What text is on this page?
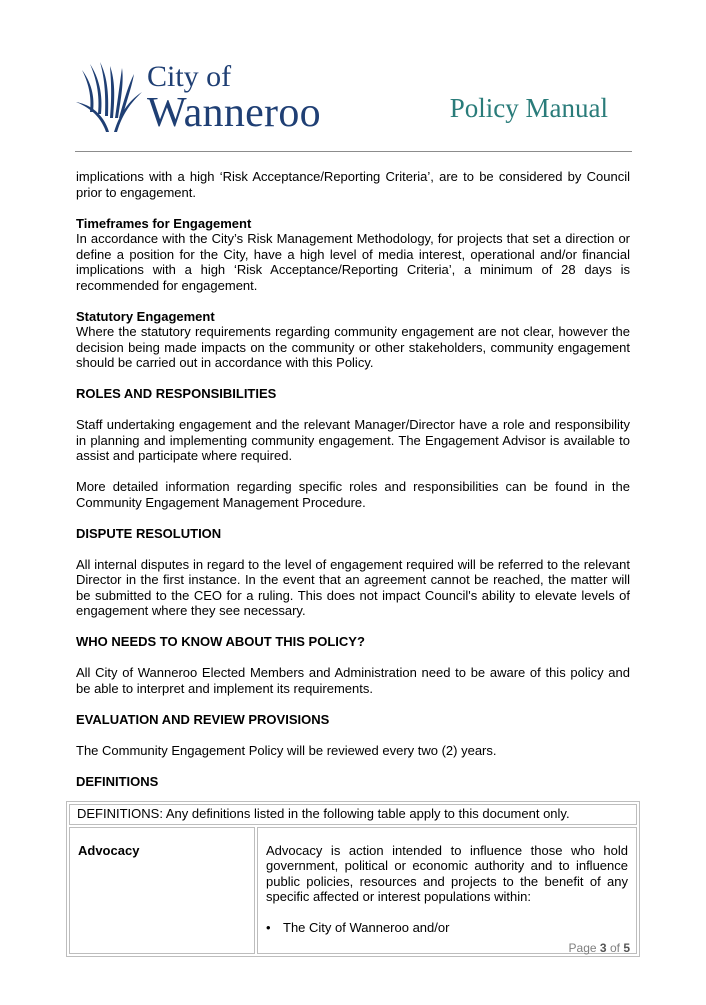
City of
Wanneroo	Policy Manual

implications with a high ‘Risk Acceptance/Reporting Criteria’, are to be considered by Council prior to engagement.

Timeframes for Engagement

In accordance with the City’s Risk Management Methodology, for projects that set a direction or define a position for the City, have a high level of media interest, operational and/or financial implications with a high ‘Risk Acceptance/Reporting Criteria’, a minimum of 28 days is recommended for engagement.

Statutory Engagement

Where the statutory requirements regarding community engagement are not clear, however the decision being made impacts on the community or other stakeholders, community engagement should be carried out in accordance with this Policy.

ROLES AND RESPONSIBILITIES

Staff undertaking engagement and the relevant Manager/Director have a role and responsibility in planning and implementing community engagement. The Engagement Advisor is available to assist and participate where required.

More detailed information regarding specific roles and responsibilities can be found in the Community Engagement Management Procedure.

DISPUTE RESOLUTION

All internal disputes in regard to the level of engagement required will be referred to the relevant Director in the first instance. In the event that an agreement cannot be reached, the matter will be submitted to the CEO for a ruling. This does not impact Council's ability to elevate levels of engagement where they see necessary.

WHO NEEDS TO KNOW ABOUT THIS POLICY?

All City of Wanneroo Elected Members and Administration need to be aware of this policy and be able to interpret and implement its requirements.

EVALUATION AND REVIEW PROVISIONS

The Community Engagement Policy will be reviewed every two (2) years.

DEFINITIONS

DEFINITIONS: Any definitions listed in the following table apply to this document only.
Advocacy	Advocacy is action intended to influence those who hold government, political or economic authority and to influence public policies, resources and projects to the benefit of any specific affected or interest populations within:
• The City of Wanneroo and/or
Page 3 of 5
